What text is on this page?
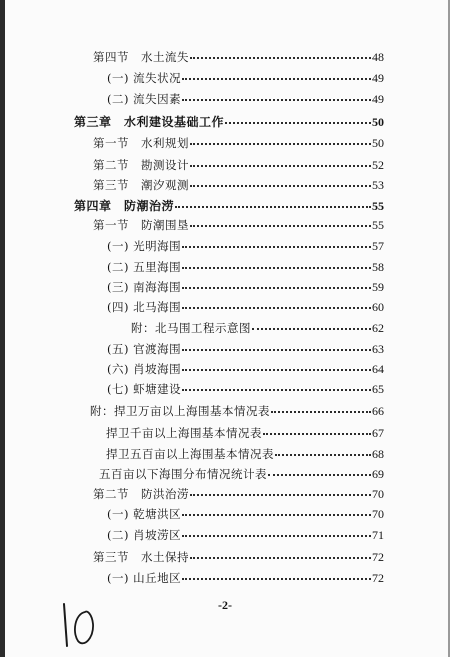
第四节　水土流失	48
(一) 流失状况	49
(二) 流失因素	49
第三章　水利建设基础工作	50
第一节　水利规划	50
第二节　勘测设计	52
第三节　潮汐观测	53
第四章　防潮治涝	55
第一节　防潮围垦	55
(一) 光明海围	57
(二) 五里海围	58
(三) 南海海围	59
(四) 北马海围	60
附：北马围工程示意图	62
(五) 官渡海围	63
(六) 肖坡海围	64
(七) 虾塘建设	65
附：捍卫万亩以上海围基本情况表	66
捍卫千亩以上海围基本情况表	67
捍卫五百亩以上海围基本情况表	68
五百亩以下海围分布情况统计表	69
第二节　防洪治涝	70
(一) 乾塘洪区	70
(二) 肖坡涝区	71
第三节　水土保持	72
(一) 山丘地区	72
-2-
